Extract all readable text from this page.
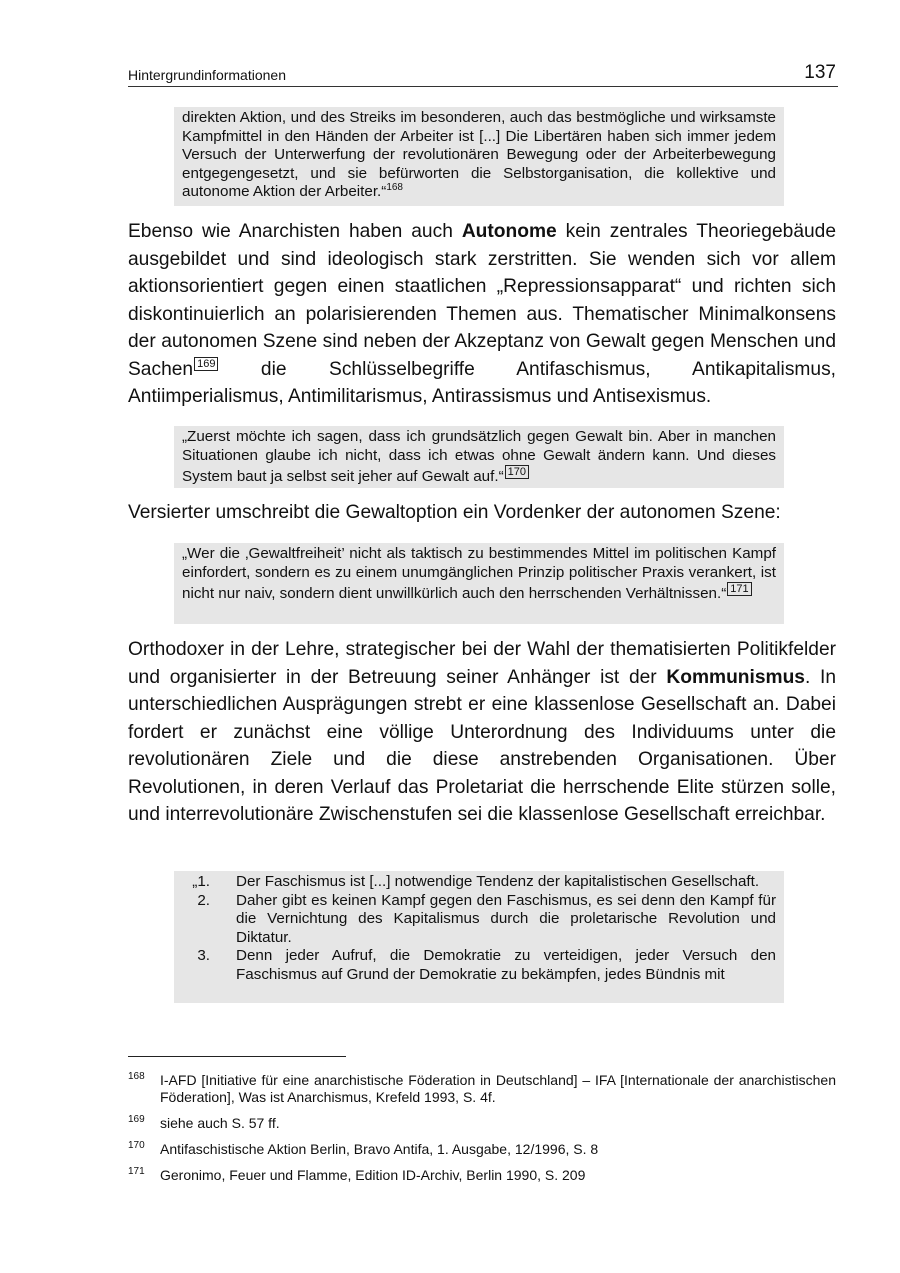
Hintergrundinformationen	137

direkten Aktion, und des Streiks im besonderen, auch das bestmögliche und wirksamste Kampfmittel in den Händen der Arbeiter ist [...] Die Libertären haben sich immer jedem Versuch der Unterwerfung der revolutionären Bewegung oder der Arbeiterbewegung entgegengesetzt, und sie befürworten die Selbstorganisation, die kollektive und autonome Aktion der Arbeiter.“$^{168}$

Ebenso wie Anarchisten haben auch Autonome kein zentrales Theoriegebäude ausgebildet und sind ideologisch stark zerstritten. Sie wenden sich vor allem aktionsorientiert gegen einen staatlichen „Repressionsapparat“ und richten sich diskontinuierlich an polarisierenden Themen aus. Thematischer Minimalkonsens der autonomen Szene sind neben der Akzeptanz von Gewalt gegen Menschen und Sachen 169 die Schlüsselbegriffe Antifaschismus, Antikapitalismus, Antiimperialismus, Antimilitarismus, Antirassismus und Antisexismus.

„Zuerst möchte ich sagen, dass ich grundsätzlich gegen Gewalt bin. Aber in manchen Situationen glaube ich nicht, dass ich etwas ohne Gewalt ändern kann. Und dieses System baut ja selbst seit jeher auf Gewalt auf.“ 170

Versierter umschreibt die Gewaltoption ein Vordenker der autonomen Szene:

„Wer die ‚Gewaltfreiheit’ nicht als taktisch zu bestimmendes Mittel im politischen Kampf einfordert, sondern es zu einem unumgänglichen Prinzip politischer Praxis verankert, ist nicht nur naiv, sondern dient unwillkürlich auch den herrschenden Verhältnissen.“ 171

Orthodoxer in der Lehre, strategischer bei der Wahl der thematisierten Politikfelder und organisierter in der Betreuung seiner Anhänger ist der Kommunismus. In unterschiedlichen Ausprägungen strebt er eine klassenlose Gesellschaft an. Dabei fordert er zunächst eine völlige Unterordnung des Individuums unter die revolutionären Ziele und die diese anstrebenden Organisationen. Über Revolutionen, in deren Verlauf das Proletariat die herrschende Elite stürzen solle, und interrevolutionäre Zwischenstufen sei die klassenlose Gesellschaft erreichbar.

„1. Der Faschismus ist [...] notwendige Tendenz der kapitalistischen Gesellschaft.
2. Daher gibt es keinen Kampf gegen den Faschismus, es sei denn den Kampf für die Vernichtung des Kapitalismus durch die proletarische Revolution und Diktatur.
3. Denn jeder Aufruf, die Demokratie zu verteidigen, jeder Versuch den Faschismus auf Grund der Demokratie zu bekämpfen, jedes Bündnis mit
168 I-AFD [Initiative für eine anarchistische Föderation in Deutschland] – IFA [Internationale der anarchistischen Föderation], Was ist Anarchismus, Krefeld 1993, S. 4f.
169 siehe auch S. 57 ff.
170 Antifaschistische Aktion Berlin, Bravo Antifa, 1. Ausgabe, 12/1996, S. 8
171 Geronimo, Feuer und Flamme, Edition ID-Archiv, Berlin 1990, S. 209
